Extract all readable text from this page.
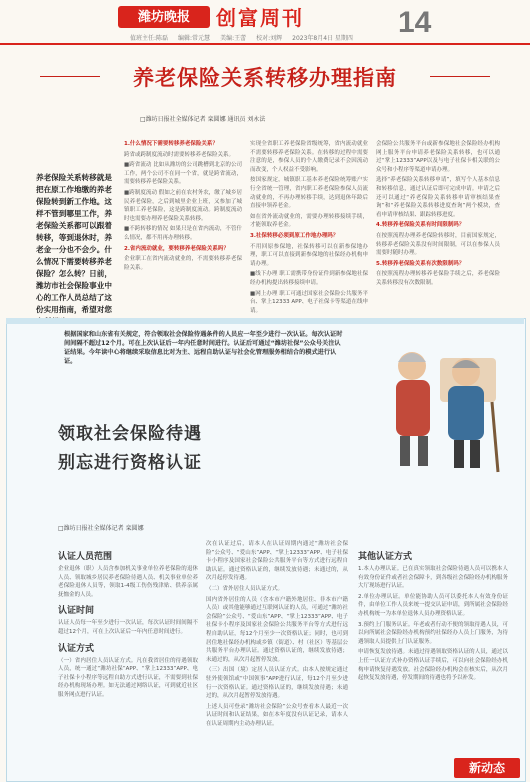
潍坊晚报	创富周刊	14
值班主任:陈磊 编辑:常元慧 美编:王蕾 校对:刘辉 2023年8月4日 星期四
养老保险关系转移办理指南
□潍坊日报社全媒体记者 栾圆娜 通讯员 刘永法
养老保险关系转移就是把在原工作地缴的养老保险转到新工作地。这样不管到哪里工作，养老保险关系都可以跟着转移，等到退休时，养老金一分也不会少。什么情况下需要转移养老保险？怎么转？日前，潍坊市社会保险事业中心的工作人员总结了这份实用指南，希望对您

1.什么情况下需要转移养老保险关系？

跨省或跨制度流动时需要转移养老保险关系。

■跨省流动 比如从潍坊的公司跳槽到北京的公司工作，两个公司不在同一个省，就是跨省流动，需要转移养老保险关系。

■跨制度流动 假如之前在农村务农，缴了城乡居民养老保险，之后到城里企业上班，又参加了城镇职工养老保险，这是跨制度流动。跨制度流动时也需要办理养老保险关系转移。

■不跨转移的情况 如果只是在省内流动，不管什么情况，都不用再办理转移。

2.省内流动就业，要转移养老保险关系吗？

企业职工在省内流动就业的，不需要转移养老保险关系。

实现全省职工养老保险省级统筹，省内流动就业不需要转移养老保险关系。在转移的过程中需要注意的是，参保人员的个人缴费记录不会因流动而改变，个人权益不受影响。

按国家规定，城镇职工基本养老保险统筹账户实行全省统一管理，省内职工养老保险参保人员流动就业的，不再办理转移手续，达到退休年龄后直接申领养老金。

如在省外流动就业的，需要办理转移接续手续，才能领取养老金。

3.社保转移必须到原工作地办理吗？

不用回原参保地，社保转移可以在新参保地办理，职工可以直接到新参保地的社保经办机构申请办理。

■线下办理 职工需携带身份证件到新参保地社保经办机构提出转移接续申请。

■网上办理 职工可通过国家社会保险公共服务平台、掌上12333 APP、电子社保卡等渠道在线申请。

会保险公共服务平台或新参保地社会保险经办机构网上服务平台申请养老保险关系转移，也可以通过“掌上12333”APP以及与电子社保卡相关联的公众号和小程序等渠道申请办理。

选择“养老保险关系转移申请”，填写个人基本信息和转移信息，通过认证后即可完成申请。申请之后还可以通过“养老保险关系转移申请审核结果查询”和“养老保险关系转移进度查询”两个模块，查看申请审核结果、跟踪转移进度。

4.转移养老保险关系有时间限制吗？

在按照流程办理养老保险转移时，目前国家规定，转移养老保险关系没有时间限制，可以在参保人员需要时随时办理。

5.转移养老保险关系有次数限制吗？

在按照流程办理转移养老保险手续之后，养老保险关系转移没有次数限制。

根据国家和山东省有关规定，符合领取社会保险待遇条件的人员应一年至少进行一次认证。每次认证时间间隔不超过12个月。可在上次认证后一年内任意时间进行。认证后可通过“潍坊社保”公众号关注认证结果。今年读中心将继续采取信息比对为主、远程自助认证与社会化管理服务相结合的模式进行认证。
领取社会保险待遇
别忘进行资格认证
□潍坊日报社全媒体记者 栾圆娜

认证人员范围

企业退休（职）人员含参加机关事业单位养老保险的退休人员、领取城乡居民养老保险待遇人员、机关事业单位养老保险退休人员等，领取1-4级工伤伤残津贴、供养亲属抚恤金的人员。

认证时间

认证人员每一年至少进行一次认证，每次认证时间间隔不超过12个月，可在上次认证后一年内任意时间进行。

认证方式

（一）省内居住人员认证方式。凡在我省居住的待遇领取人员，统一通过“潍坊社保”APP、“掌上12333”APP、电子社保卡小程序等远程自助方式进行认证，不需要到社保经办机构现场办理。如无法通过网络认证，可到就近社区服务网点进行认证。

次在认证过后，请本人在认证周期内通过“潍坊社会保险”公众号、“爱山东”APP、“掌上12333”APP、电子社保卡小程序及国家社会保险公共服务平台等方式进行远程自助认证。通过资格认证的，继续发放待遇；未通过的，从次月起停发待遇。

（二）省外居住人员认证方式。

国内省外居住的人员（含本市户籍外地居住、非本市户籍人员）或其他能够通过互联网认证的人员，可通过“潍坊社会保险”公众号、“爱山东”APP、“掌上12333”APP、电子社保卡小程序及国家社会保险公共服务平台等方式进行远程自助认证，每12个月至少一次资格认证；同时，也可到居住地社保经办机构或乡镇（街道）、村（社区）等基层公共服务平台办理认证。通过资格认证的，继续发放待遇；未通过的，从次月起暂停发放。

（三）出国（境）定居人员认证方式。由本人按规定通过驻外使领馆或“中国领事”APP进行认证，每12个月至少进行一次资格认证。通过资格认证的，继续发放待遇；未通过的，从次月起暂停发放待遇。

上述人员可登录“潍坊社会保险”公众号查看本人最近一次认证时间和认证结果，如在本年度没有认证记录，请本人在认证周期内主动办理认证。

其他认证方式

1.本人办理认证。已在真实领取社会保险待遇人员可以携本人有效身份证件或者社会保障卡，到各级社会保险经办机构服务大厅现场进行认证。

2.单位办理认证。单位能协助人员可以委托本人有效身份证件，由单位工作人员来统一提交认证申请，到所属社会保险经办机构统一为本单位退休人员办理资格认证。

3.预约上门服务认证。年老或者行动不便的领取待遇人员，可以向所属社会保险经办机构预约社保经办人员上门服务，为待遇领取人员提供上门认证服务。

申请恢复发放待遇。未通过待遇领取资格认证的人员，通过以上任一认证方式补办资格认证手续后，可以向社会保险经办机构申请恢复待遇发放。社会保险经办机构会在核实后，从次月起恢复发放待遇，停发期间的待遇也将予以补发。

新动态
